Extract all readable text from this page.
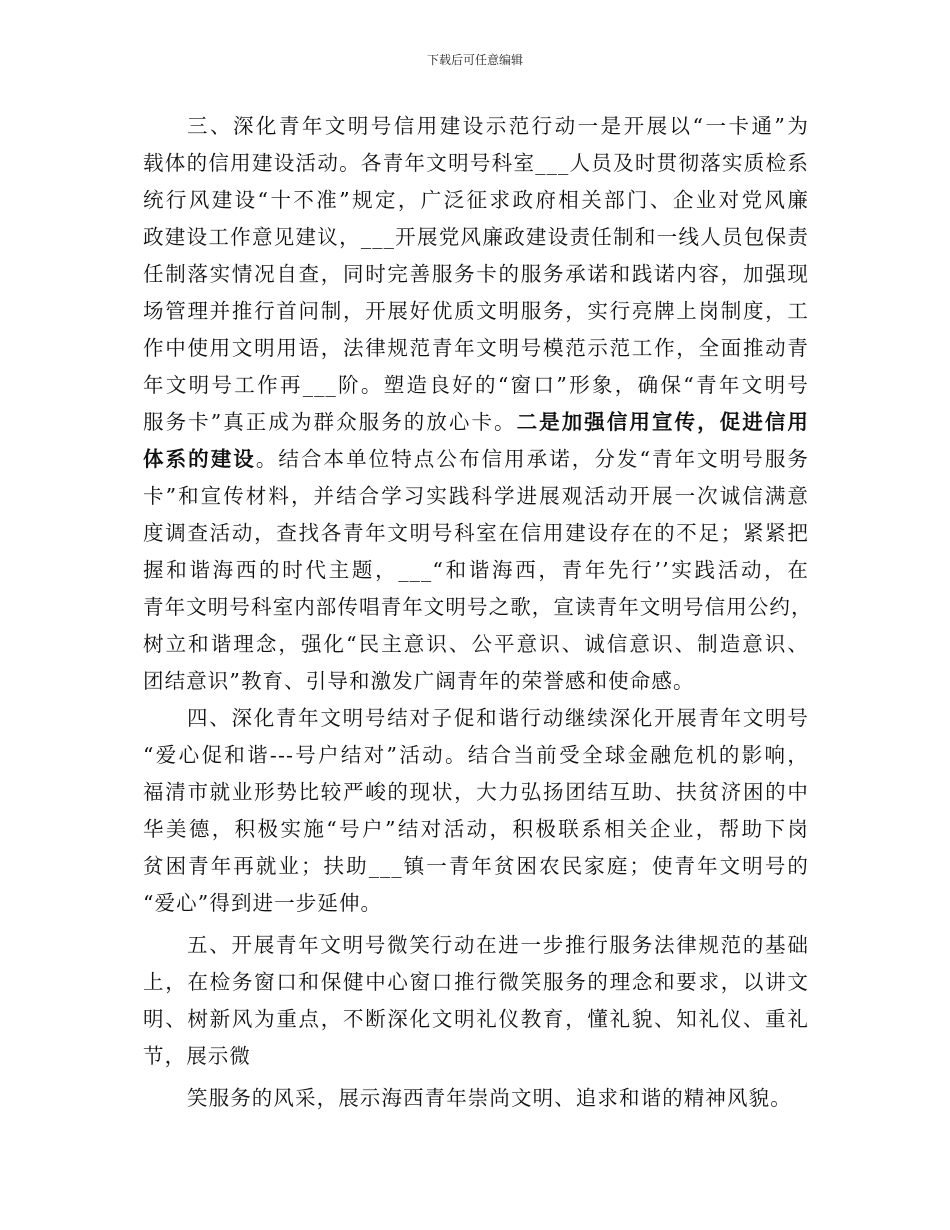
下载后可任意编辑
三、深化青年文明号信用建设示范行动一是开展以“一卡通”为
载体的信用建设活动。各青年文明号科室___人员及时贯彻落实质检系
统行风建设“十不准”规定，广泛征求政府相关部门、企业对党风廉
政建设工作意见建议，___开展党风廉政建设责任制和一线人员包保责
任制落实情况自查，同时完善服务卡的服务承诺和践诺内容，加强现
场管理并推行首问制，开展好优质文明服务，实行亮牌上岗制度，工
作中使用文明用语，法律规范青年文明号模范示范工作，全面推动青
年文明号工作再___阶。塑造良好的“窗口”形象，确保“青年文明号
服务卡”真正成为群众服务的放心卡。二是加强信用宣传，促进信用
体系的建设。结合本单位特点公布信用承诺，分发“青年文明号服务
卡”和宣传材料，并结合学习实践科学进展观活动开展一次诚信满意
度调查活动，查找各青年文明号科室在信用建设存在的不足；紧紧把
握和谐海西的时代主题，___“和谐海西，青年先行’’实践活动，在
青年文明号科室内部传唱青年文明号之歌，宣读青年文明号信用公约，
树立和谐理念，强化“民主意识、公平意识、诚信意识、制造意识、
团结意识”教育、引导和激发广阔青年的荣誉感和使命感。
四、深化青年文明号结对子促和谐行动继续深化开展青年文明号
“爱心促和谐---号户结对”活动。结合当前受全球金融危机的影响，
福清市就业形势比较严峻的现状，大力弘扬团结互助、扶贫济困的中
华美德，积极实施“号户”结对活动，积极联系相关企业，帮助下岗
贫困青年再就业；扶助___镇一青年贫困农民家庭；使青年文明号的
“爱心”得到进一步延伸。
五、开展青年文明号微笑行动在进一步推行服务法律规范的基础
上，在检务窗口和保健中心窗口推行微笑服务的理念和要求，以讲文
明、树新风为重点，不断深化文明礼仪教育，懂礼貌、知礼仪、重礼
节，展示微
笑服务的风采，展示海西青年崇尚文明、追求和谐的精神风貌。
